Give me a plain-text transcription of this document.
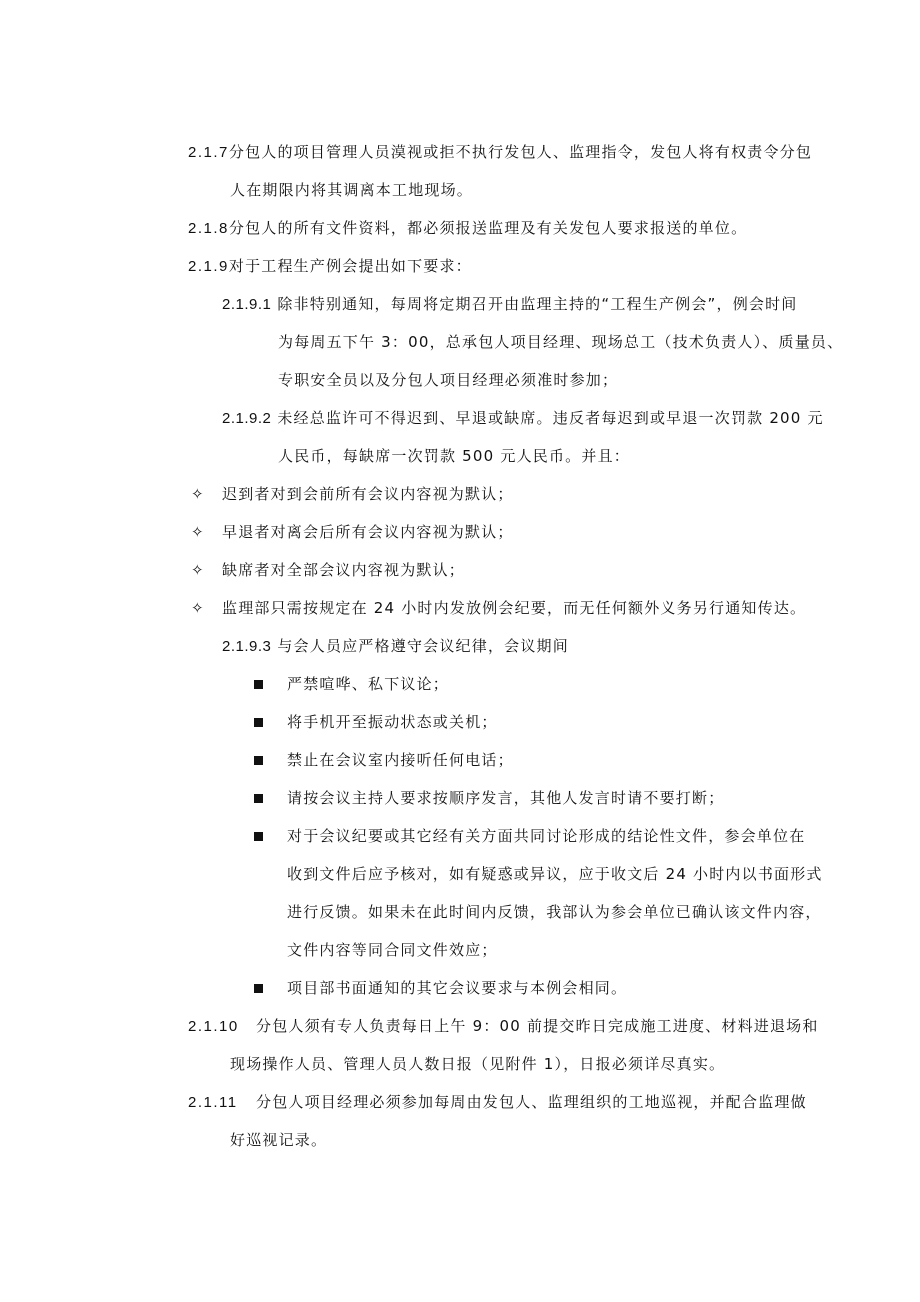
2.1.7分包人的项目管理人员漠视或拒不执行发包人、监理指令，发包人将有权责令分包
人在期限内将其调离本工地现场。
2.1.8分包人的所有文件资料，都必须报送监理及有关发包人要求报送的单位。
2.1.9对于工程生产例会提出如下要求：
2.1.9.1 除非特别通知，每周将定期召开由监理主持的“工程生产例会”，例会时间
为每周五下午 3：00，总承包人项目经理、现场总工（技术负责人）、质量员、
专职安全员以及分包人项目经理必须准时参加；
2.1.9.2 未经总监许可不得迟到、早退或缺席。违反者每迟到或早退一次罚款 200 元
人民币，每缺席一次罚款 500 元人民币。并且：
✧ 迟到者对到会前所有会议内容视为默认；
✧ 早退者对离会后所有会议内容视为默认；
✧ 缺席者对全部会议内容视为默认；
✧ 监理部只需按规定在 24 小时内发放例会纪要，而无任何额外义务另行通知传达。
2.1.9.3 与会人员应严格遵守会议纪律，会议期间
严禁喧哗、私下议论；
将手机开至振动状态或关机；
禁止在会议室内接听任何电话；
请按会议主持人要求按顺序发言，其他人发言时请不要打断；
对于会议纪要或其它经有关方面共同讨论形成的结论性文件，参会单位在
收到文件后应予核对，如有疑惑或异议，应于收文后 24 小时内以书面形式
进行反馈。如果未在此时间内反馈，我部认为参会单位已确认该文件内容，
文件内容等同合同文件效应；
项目部书面通知的其它会议要求与本例会相同。
2.1.10 分包人须有专人负责每日上午 9：00 前提交昨日完成施工进度、材料进退场和
现场操作人员、管理人员人数日报（见附件 1），日报必须详尽真实。
2.1.11 分包人项目经理必须参加每周由发包人、监理组织的工地巡视，并配合监理做
好巡视记录。
